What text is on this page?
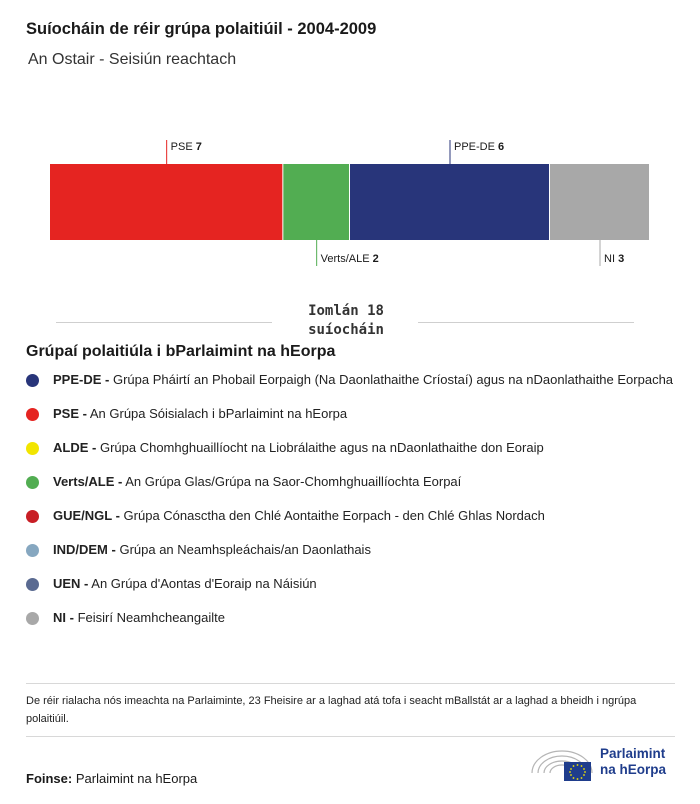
Suíocháin de réir grúpa polaitiúil - 2004-2009
An Ostair - Seisiún reachtach
PSE 7
Verts/ALE 2
PPE-DE 6
NI 3
Iomlán 18 suíocháin
Grúpaí polaitiúla i bParlaimint na hEorpa
PPE-DE - Grúpa Pháirtí an Phobail Eorpaigh (Na Daonlathaithe Críostaí) agus na nDaonlathaithe Eorpacha
PSE - An Grúpa Sóisialach i bParlaimint na hEorpa
ALDE - Grúpa Chomhghuaillíocht na Liobrálaithe agus na nDaonlathaithe don Eoraip
Verts/ALE - An Grúpa Glas/Grúpa na Saor-Chomhghuaillíochta Eorpaí
GUE/NGL - Grúpa Cónasctha den Chlé Aontaithe Eorpach - den Chlé Ghlas Nordach
IND/DEM - Grúpa an Neamhspleáchais/an Daonlathais
UEN - An Grúpa d'Aontas d'Eoraip na Náisiún
NI - Feisirí Neamhcheangailte
De réir rialacha nós imeachta na Parlaiminte, 23 Fheisire ar a laghad atá tofa i seacht mBallstát ar a laghad a bheidh i ngrúpa polaitiúil.
Foinse: Parlaimint na hEorpa
Parlaimint
na hEorpa
